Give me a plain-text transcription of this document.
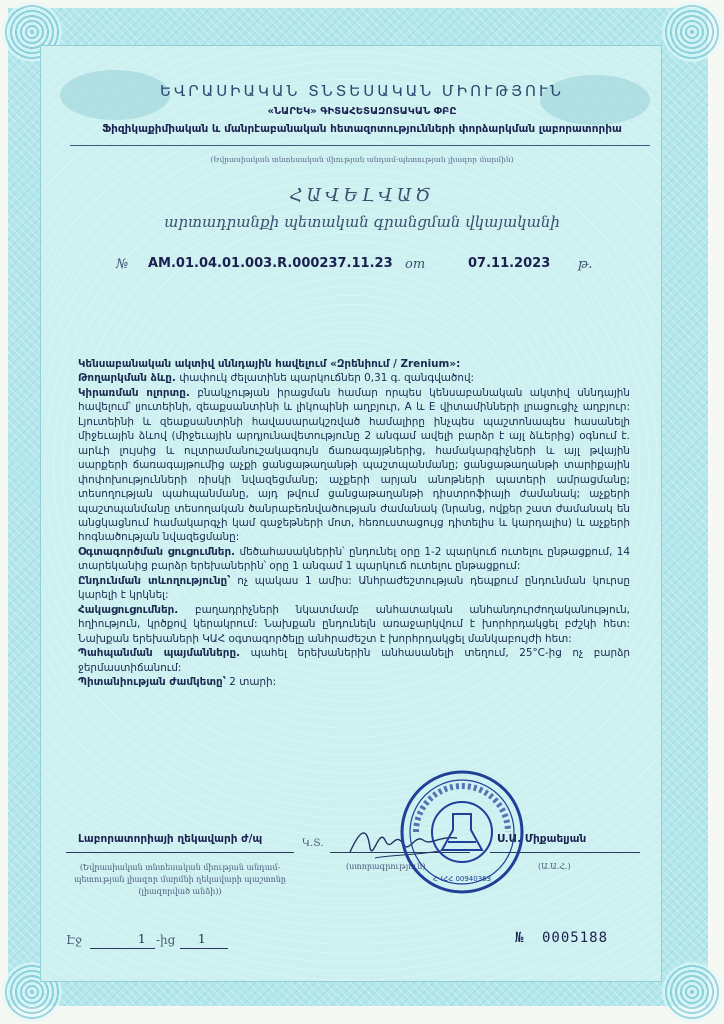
ԵՎՐԱՍԻԱԿԱՆ ՏՆՏԵՍԱԿԱՆ ՄԻՈՒԹՅՈՒՆ
«ՆԱՐԵԿ» ԳԻՏԱՀԵՏԱԶՈՏԱԿԱՆ ՓԲԸ
Ֆիզիկաքիմիական և մանրէաբանական հետազոտությունների փորձարկման լաբորատորիա
(Եվրասիական տնտեսական միության անդամ-պետության լիազոր մարմին)
ՀԱՎԵԼՎԱԾ
արտադրանքի պետական գրանցման վկայականի
№ AM.01.04.01.003.R.000237.11.23 от	07.11.2023 թ.

Կենսաբանական ակտիվ սննդային հավելում «Զրենիում / Zrenium»:

Թողարկման ձևը. փափուկ ժելատինե պարկուճներ 0,31 գ. զանգվածով:

Կիրառման ոլորտը. բնակչության իրացման համար որպես կենսաբանական ակտիվ սննդային հավելում՝ լյուտեինի, զեաքսանտինի և լիկոպինի աղբյուր, A և E վիտամինների լրացուցիչ աղբյուր: Լյուտեինի և զեաքսանտինի հավասարակշռված համալիրը ինչպես պաշտոնապես հասանելի միջեւային ձևով (միջեւային արդյունավետությունը 2 անգամ ավելի բարձր է այլ ձևերից) օգնում է. արևի լույսից և ուլտրամանուշակագույն ճառագայթներից, համակարգիչների և այլ թվային սարքերի ճառագայթումից աչքի ցանցաթաղանթի պաշտպանմանը; ցանցաթաղանթի տարիքային փոփոխությունների ռիսկի նվազեցմանը; աչքերի արյան անոթների պատերի ամրացմանը; տեսողության պահպանմանը, այդ թվում ցանցաթաղանթի դիստրոֆիայի ժամանակ; աչքերի պաշտպանմանը տեսողական ծանրաբեռնվածության ժամանակ (նրանց, ովքեր շատ ժամանակ են անցկացնում համակարգչի կամ գաջեթների մոտ, հեռուստացույց դիտելիս և կարդալիս) և աչքերի հոգնածության նվազեցմանը:

Օգտագործման ցուցումներ. մեծահասակներին՝ ընդունել օրը 1-2 պարկուճ ուտելու ընթացքում, 14 տարեկանից բարձր երեխաներին՝ օրը 1 անգամ 1 պարկուճ ուտելու ընթացքում:

Ընդունման տևողությունը՝ ոչ պակաս 1 ամիս: Անհրաժեշտության դեպքում ընդունման կուրսը կարելի է կրկնել:

Հակացուցումներ. բաղադրիչների նկատմամբ անհատական անհանդուրժողականություն, հղիություն, կրծքով կերակրում: Նախքան ընդունելն առաջարկվում է խորհրդակցել բժշկի հետ: Նախքան երեխաների ԿԱՀ օգտագործելը անհրաժեշտ է խորհրդակցել մանկաբույժի հետ:

Պահպանման պայմանները. պահել երեխաներին անհասանելի տեղում, 25°C-ից ոչ բարձր ջերմաստիճանում:

Պիտանիության ժամկետը՝ 2 տարի:

Լաբորատորիայի ղեկավարի ժ/պ	Կ.Տ.	Ս.Ա. Միքաելյան
(Եվրասիական տնտեսական միության անդամ-պետության լիազոր մարմնի ղեկավարի պաշտոնը (լիազորված անձի))
(ստորագրություն)	(Ա.Ա.Հ.)
ՀՎՀՀ 00940363
Էջ	1 -ից 1	№ 0005188
